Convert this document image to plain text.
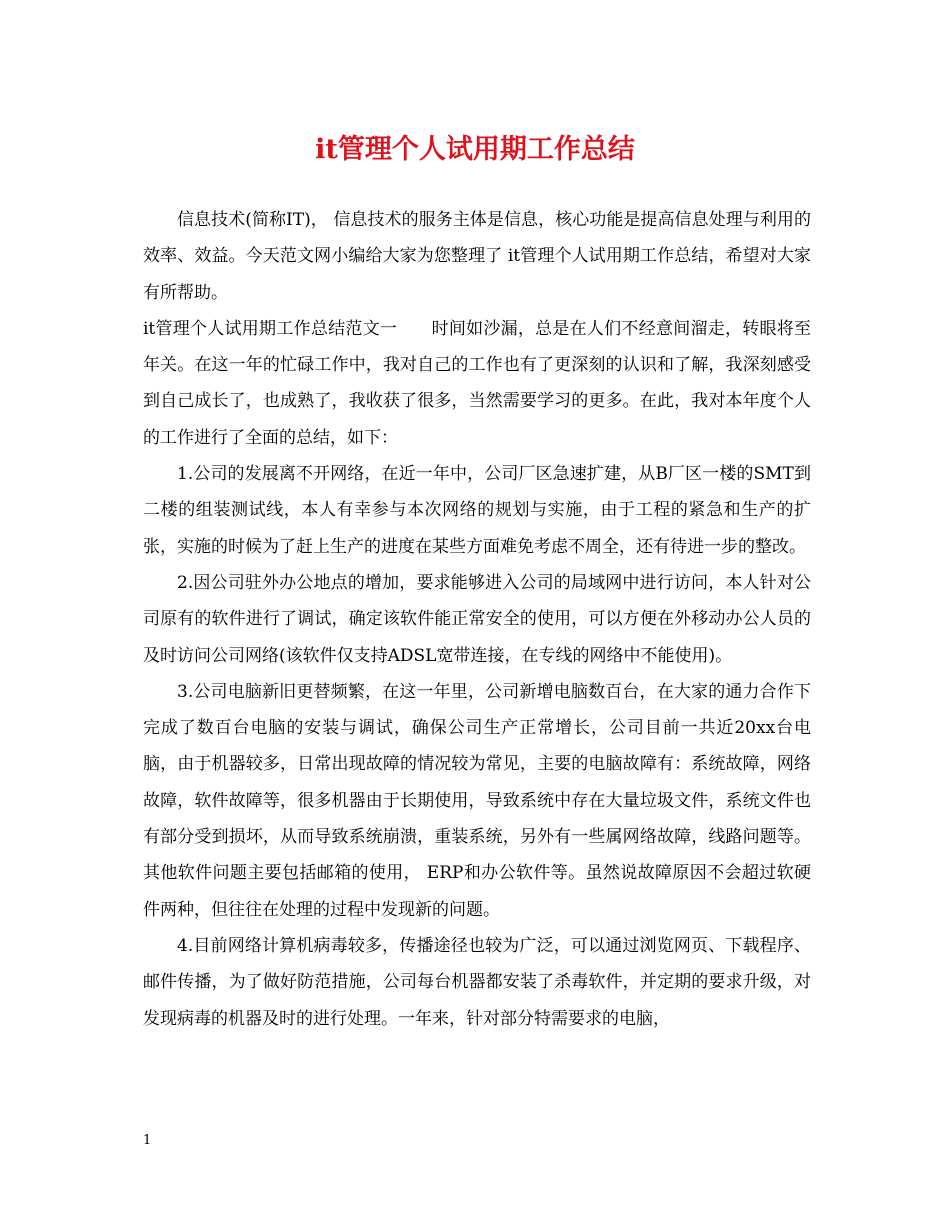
it管理个人试用期工作总结

信息技术(简称IT)， 信息技术的服务主体是信息，核心功能是提高信息处理与利用的效率、效益。今天范文网小编给大家为您整理了 it管理个人试用期工作总结，希望对大家有所帮助。

it管理个人试用期工作总结范文一　　时间如沙漏，总是在人们不经意间溜走，转眼将至年关。在这一年的忙碌工作中，我对自己的工作也有了更深刻的认识和了解，我深刻感受到自己成长了，也成熟了，我收获了很多，当然需要学习的更多。在此，我对本年度个人的工作进行了全面的总结，如下：

1.公司的发展离不开网络，在近一年中，公司厂区急速扩建，从B厂区一楼的SMT到二楼的组装测试线，本人有幸参与本次网络的规划与实施，由于工程的紧急和生产的扩张，实施的时候为了赶上生产的进度在某些方面难免考虑不周全，还有待进一步的整改。

2.因公司驻外办公地点的增加，要求能够进入公司的局域网中进行访问，本人针对公司原有的软件进行了调试，确定该软件能正常安全的使用，可以方便在外移动办公人员的及时访问公司网络(该软件仅支持ADSL宽带连接，在专线的网络中不能使用)。

3.公司电脑新旧更替频繁，在这一年里，公司新增电脑数百台，在大家的通力合作下完成了数百台电脑的安装与调试，确保公司生产正常增长，公司目前一共近20xx台电脑，由于机器较多，日常出现故障的情况较为常见，主要的电脑故障有：系统故障，网络故障，软件故障等，很多机器由于长期使用，导致系统中存在大量垃圾文件，系统文件也有部分受到损坏，从而导致系统崩溃，重装系统，另外有一些属网络故障，线路问题等。其他软件问题主要包括邮箱的使用， ERP和办公软件等。虽然说故障原因不会超过软硬件两种，但往往在处理的过程中发现新的问题。

4.目前网络计算机病毒较多，传播途径也较为广泛，可以通过浏览网页、下载程序、邮件传播，为了做好防范措施，公司每台机器都安装了杀毒软件，并定期的要求升级，对发现病毒的机器及时的进行处理。一年来，针对部分特需要求的电脑，

1
